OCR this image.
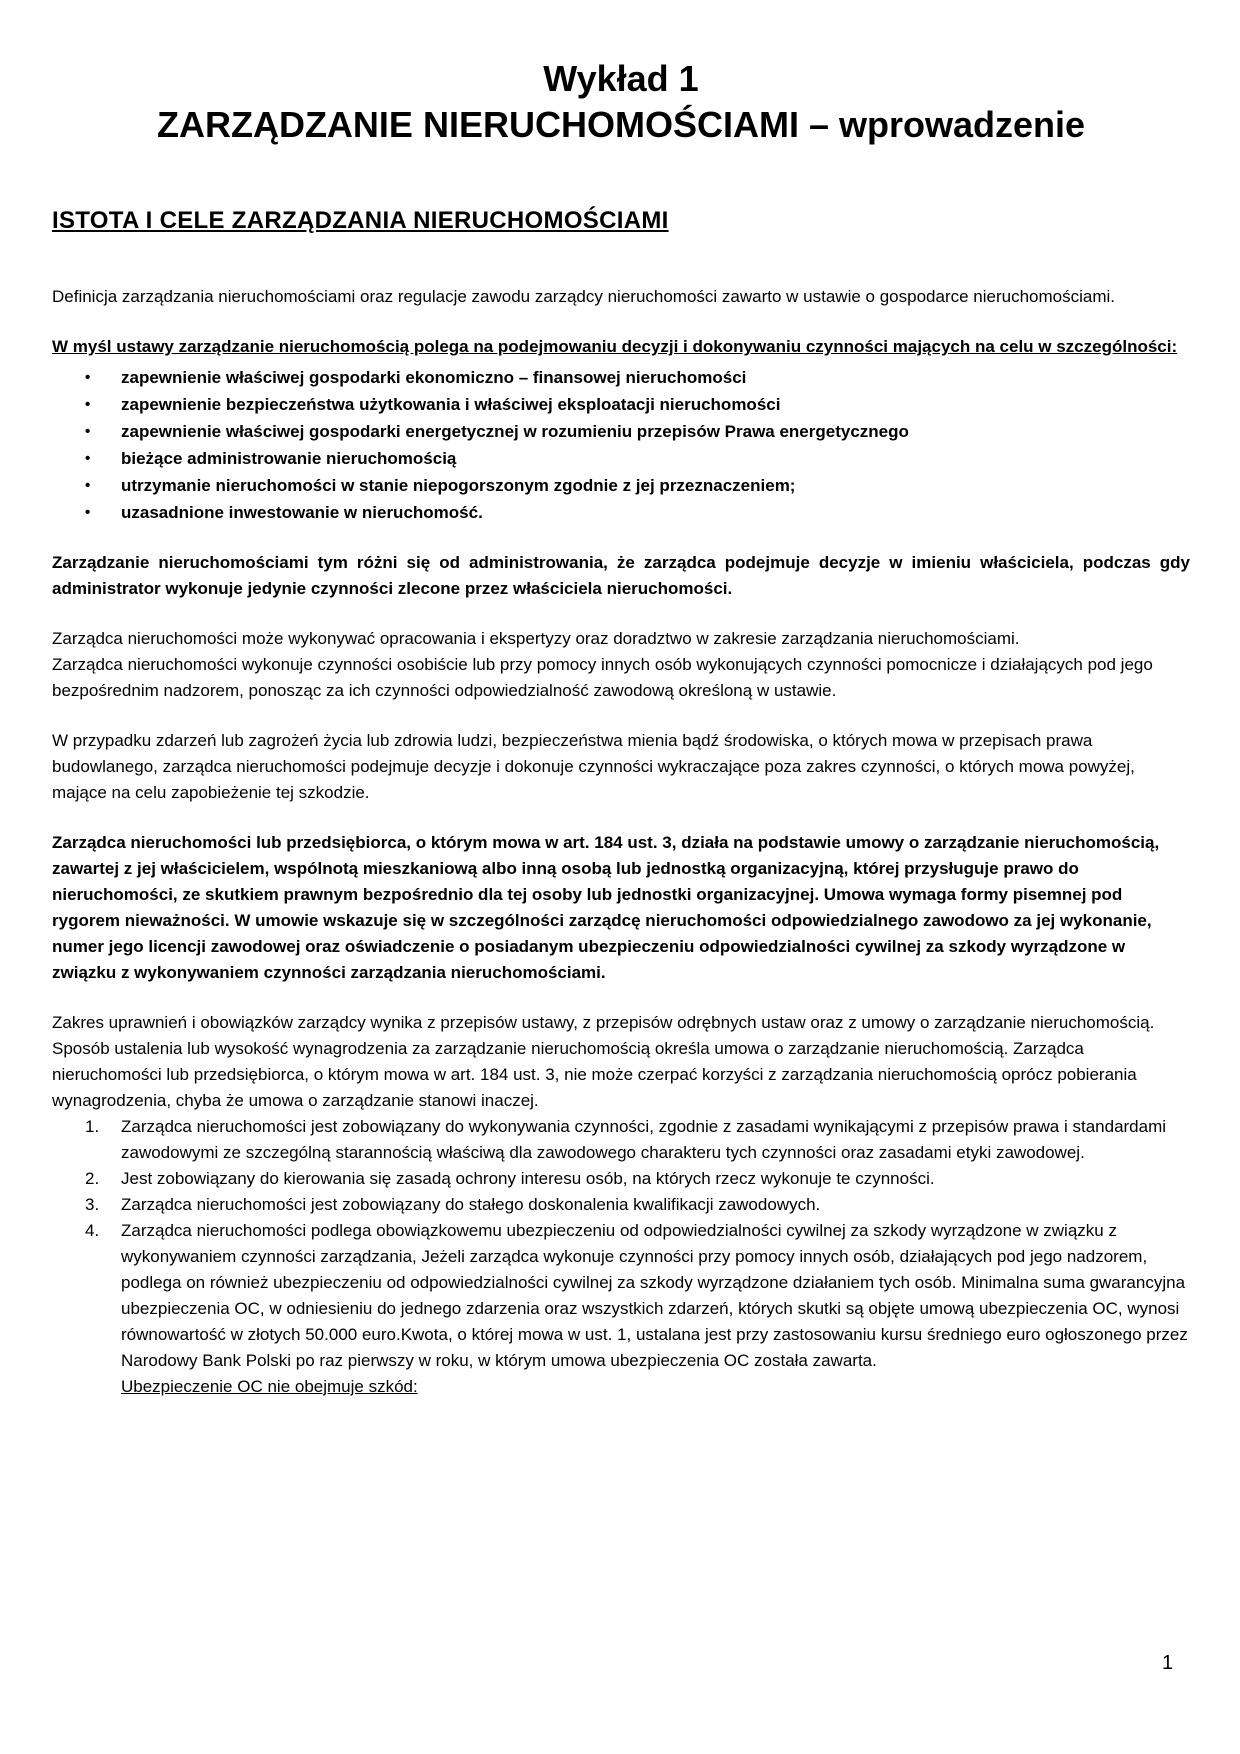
Wykład 1
ZARZĄDZANIE NIERUCHOMOŚCIAMI – wprowadzenie
ISTOTA I CELE ZARZĄDZANIA NIERUCHOMOŚCIAMI

Definicja zarządzania nieruchomościami oraz regulacje zawodu zarządcy nieruchomości zawarto w ustawie o gospodarce nieruchomościami.

W myśl ustawy zarządzanie nieruchomością polega na podejmowaniu decyzji i dokonywaniu czynności mających na celu w szczególności:

•	zapewnienie właściwej gospodarki ekonomiczno – finansowej nieruchomości
•	zapewnienie bezpieczeństwa użytkowania i właściwej eksploatacji nieruchomości
•	zapewnienie właściwej gospodarki energetycznej w rozumieniu przepisów Prawa energetycznego
•	bieżące administrowanie nieruchomością
•	utrzymanie nieruchomości w stanie niepogorszonym zgodnie z jej przeznaczeniem;
•	uzasadnione inwestowanie w nieruchomość.

Zarządzanie nieruchomościami tym różni się od administrowania, że zarządca podejmuje decyzje w imieniu właściciela, podczas gdy administrator wykonuje jedynie czynności zlecone przez właściciela nieruchomości.

Zarządca nieruchomości może wykonywać opracowania i ekspertyzy oraz doradztwo w zakresie zarządzania nieruchomościami.

Zarządca nieruchomości wykonuje czynności osobiście lub przy pomocy innych osób wykonujących czynności pomocnicze i działających pod jego bezpośrednim nadzorem, ponosząc za ich czynności odpowiedzialność zawodową określoną w ustawie.

W przypadku zdarzeń lub zagrożeń życia lub zdrowia ludzi, bezpieczeństwa mienia bądź środowiska, o których mowa w przepisach prawa budowlanego, zarządca nieruchomości podejmuje decyzje i dokonuje czynności wykraczające poza zakres czynności, o których mowa powyżej, mające na celu zapobieżenie tej szkodzie.

Zarządca nieruchomości lub przedsiębiorca, o którym mowa w art. 184 ust. 3, działa na podstawie umowy o zarządzanie nieruchomością, zawartej z jej właścicielem, wspólnotą mieszkaniową albo inną osobą lub jednostką organizacyjną, której przysługuje prawo do nieruchomości, ze skutkiem prawnym bezpośrednio dla tej osoby lub jednostki organizacyjnej. Umowa wymaga formy pisemnej pod rygorem nieważności. W umowie wskazuje się w szczególności zarządcę nieruchomości odpowiedzialnego zawodowo za jej wykonanie, numer jego licencji zawodowej oraz oświadczenie o posiadanym ubezpieczeniu odpowiedzialności cywilnej za szkody wyrządzone w związku z wykonywaniem czynności zarządzania nieruchomościami.

Zakres uprawnień i obowiązków zarządcy wynika z przepisów ustawy, z przepisów odrębnych ustaw oraz z umowy o zarządzanie nieruchomością. Sposób ustalenia lub wysokość wynagrodzenia za zarządzanie nieruchomością określa umowa o zarządzanie nieruchomością. Zarządca nieruchomości lub przedsiębiorca, o którym mowa w art. 184 ust. 3, nie może czerpać korzyści z zarządzania nieruchomością oprócz pobierania wynagrodzenia, chyba że umowa o zarządzanie stanowi inaczej.

1.	Zarządca nieruchomości jest zobowiązany do wykonywania czynności, zgodnie z zasadami wynikającymi z przepisów prawa i standardami zawodowymi ze szczególną starannością właściwą dla zawodowego charakteru tych czynności oraz zasadami etyki zawodowej.
2.	Jest zobowiązany do kierowania się zasadą ochrony interesu osób, na których rzecz wykonuje te czynności.
3.	Zarządca nieruchomości jest zobowiązany do stałego doskonalenia kwalifikacji zawodowych.
4.	Zarządca nieruchomości podlega obowiązkowemu ubezpieczeniu od odpowiedzialności cywilnej za szkody wyrządzone w związku z wykonywaniem czynności zarządzania, Jeżeli zarządca wykonuje czynności przy pomocy innych osób, działających pod jego nadzorem, podlega on również ubezpieczeniu od odpowiedzialności cywilnej za szkody wyrządzone działaniem tych osób. Minimalna suma gwarancyjna ubezpieczenia OC, w odniesieniu do jednego zdarzenia oraz wszystkich zdarzeń, których skutki są objęte umową ubezpieczenia OC, wynosi równowartość w złotych 50.000 euro.Kwota, o której mowa w ust. 1, ustalana jest przy zastosowaniu kursu średniego euro ogłoszonego przez Narodowy Bank Polski po raz pierwszy w roku, w którym umowa ubezpieczenia OC została zawarta.
Ubezpieczenie OC nie obejmuje szkód:
1
